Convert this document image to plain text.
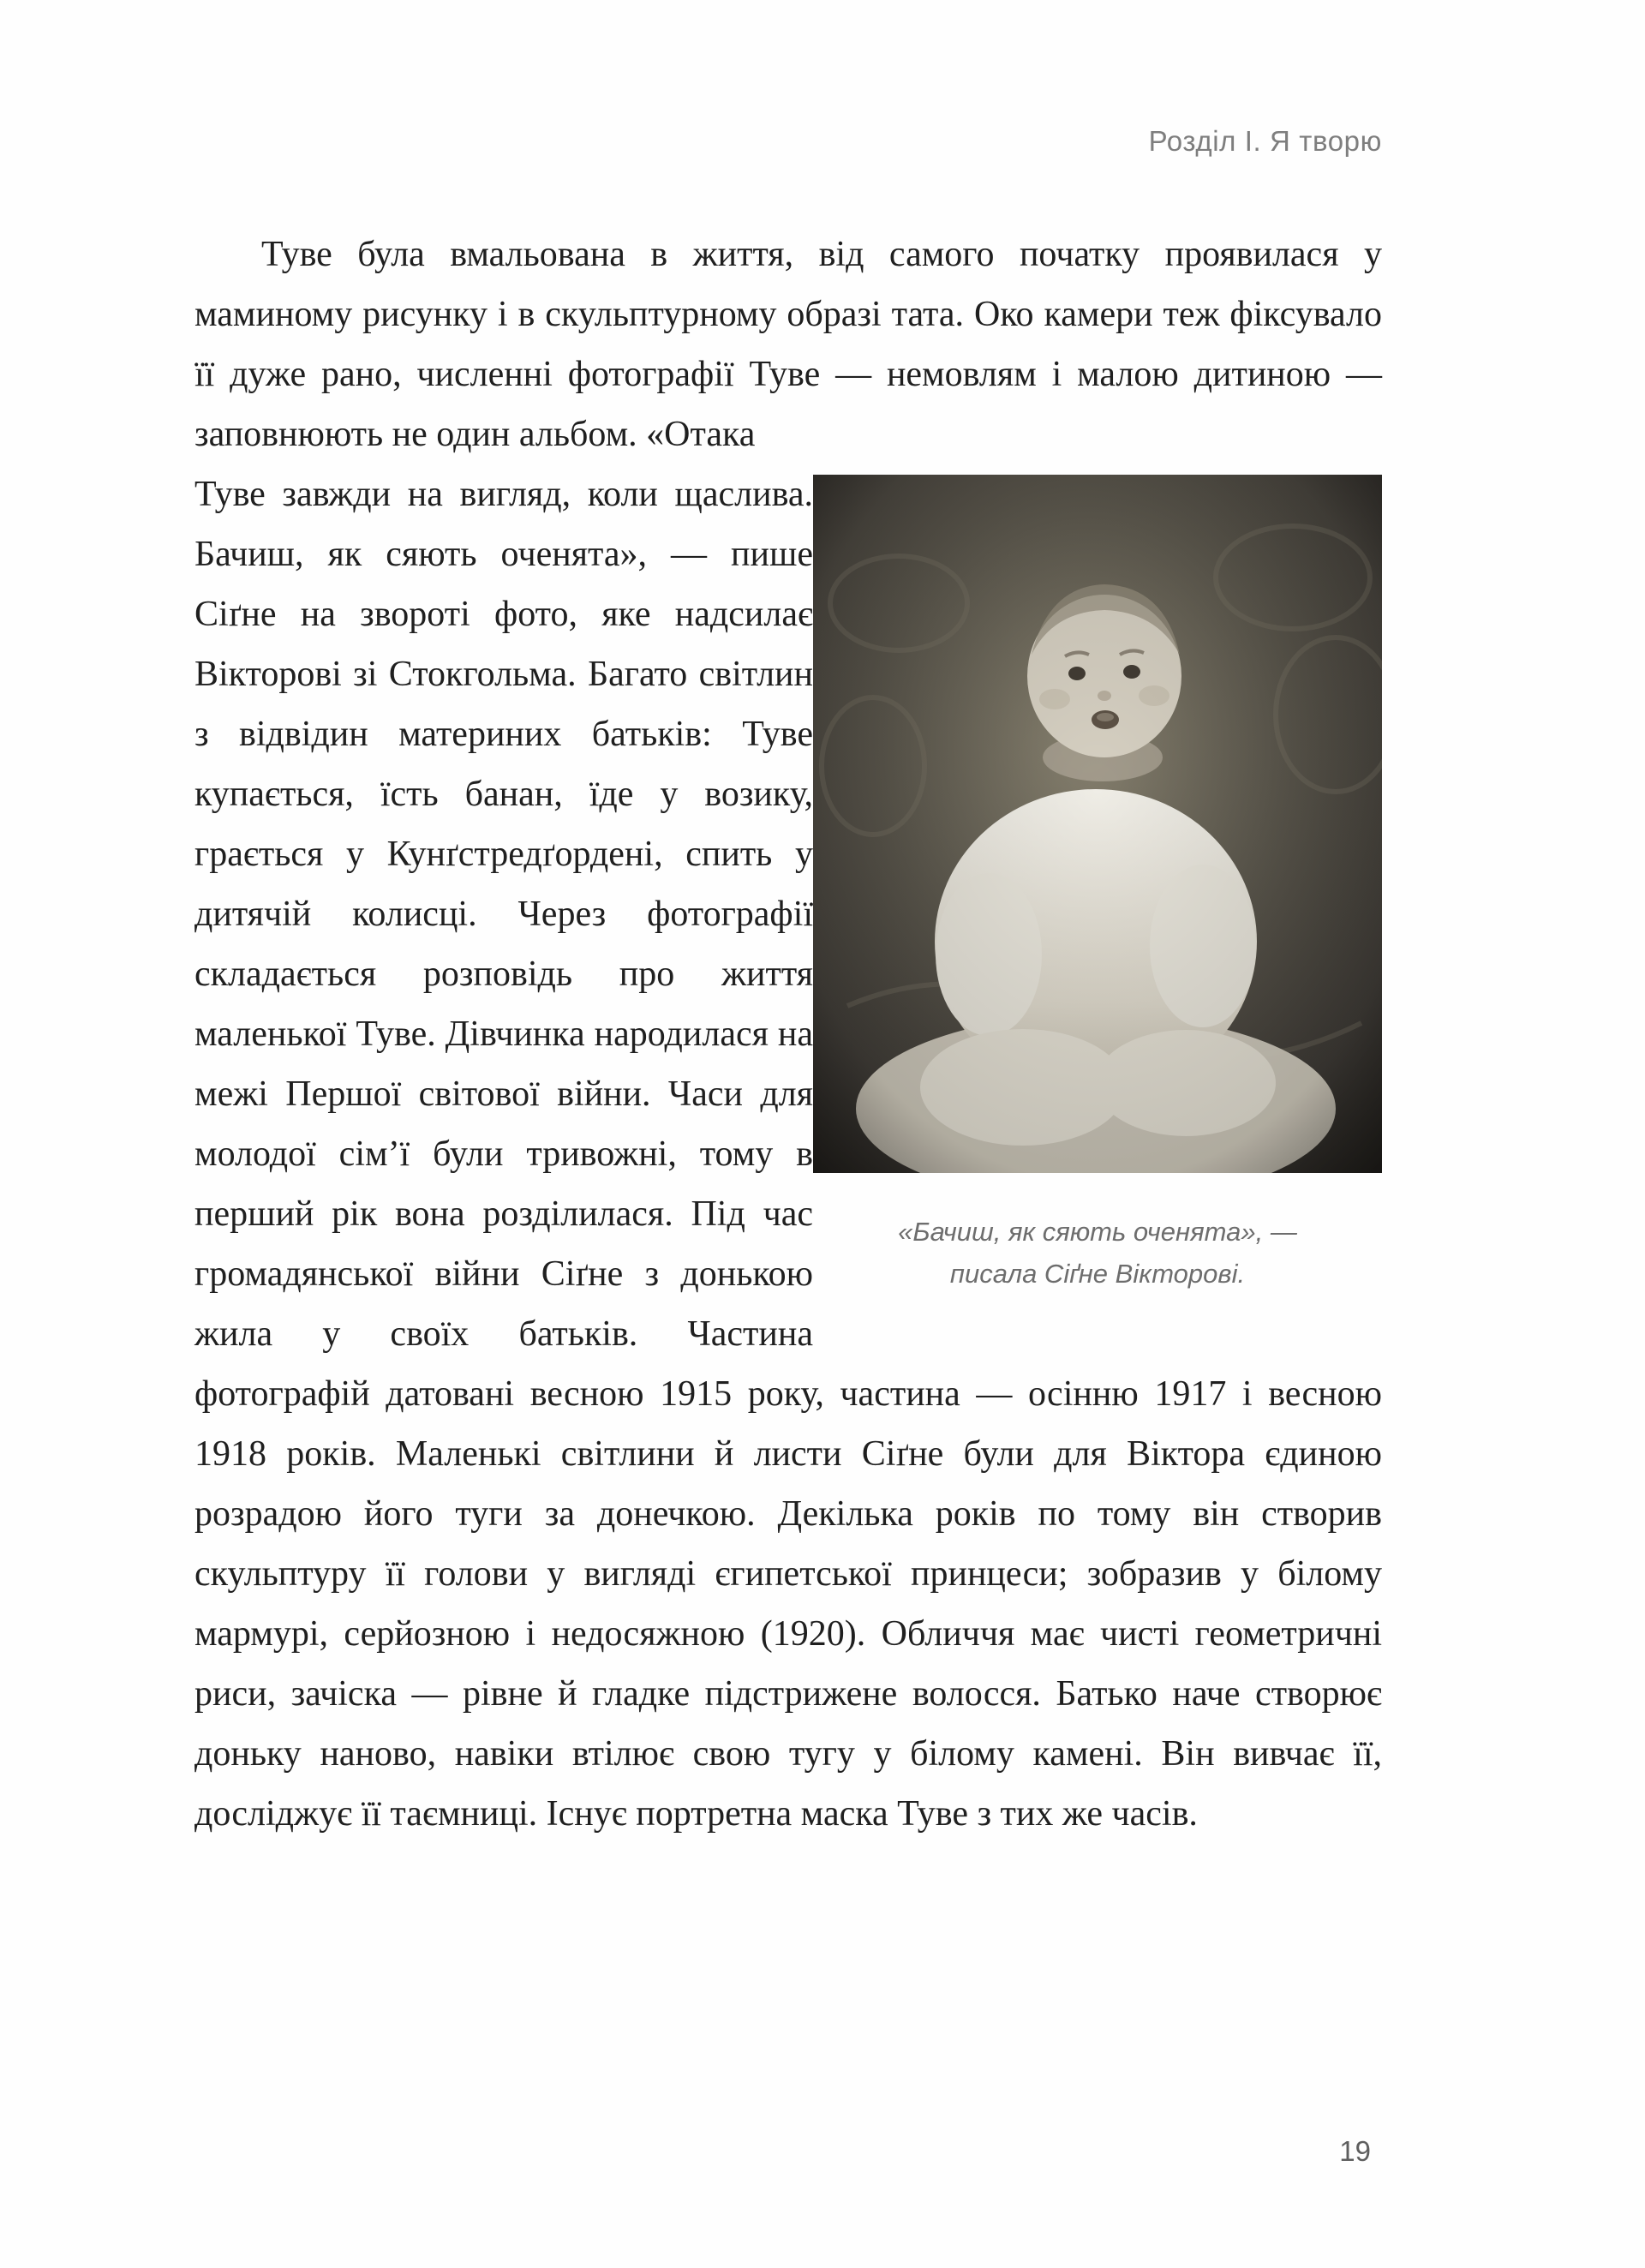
Розділ І. Я творю

Туве була вмальована в життя, від самого початку проявилася у маминому рисунку і в скульптурному образі тата. Око камери теж фіксувало її дуже рано, численні фотографії Туве — немовлям і малою дитиною — заповнюють не один альбом. «Отака

«Бачиш, як сяють оченята», —
писала Сіґне Вікторові.
Туве завжди на вигляд, коли щаслива. Бачиш, як сяють оченята», — пише Сіґне на звороті фото, яке надсилає Вікторові зі Стокгольма. Багато світлин з відвідин материних батьків: Туве купається, їсть банан, їде у возику, грається у Кунґстредґордені, спить у дитячій колисці. Через фотографії складається розповідь про життя маленької Туве. Дівчинка народилася на межі Першої світової війни. Часи для молодої сім’ї були тривожні, тому в перший рік вона розділилася. Під час громадянської війни Сіґне з донькою жила у своїх батьків. Частина фотографій датовані весною 1915 року, частина — осінню 1917 і весною 1918 років. Маленькі світлини й листи Сіґне були для Віктора єдиною розрадою його туги за донечкою. Декілька років по тому він створив скульптуру її голови у вигляді єгипетської принцеси; зобразив у білому мармурі, серйозною і недосяжною (1920). Обличчя має чисті геометричні риси, зачіска — рівне й гладке підстрижене волосся. Батько наче створює доньку наново, навіки втілює свою тугу у білому камені. Він вивчає її, досліджує її таємниці. Існує портретна маска Туве з тих же часів.

19
